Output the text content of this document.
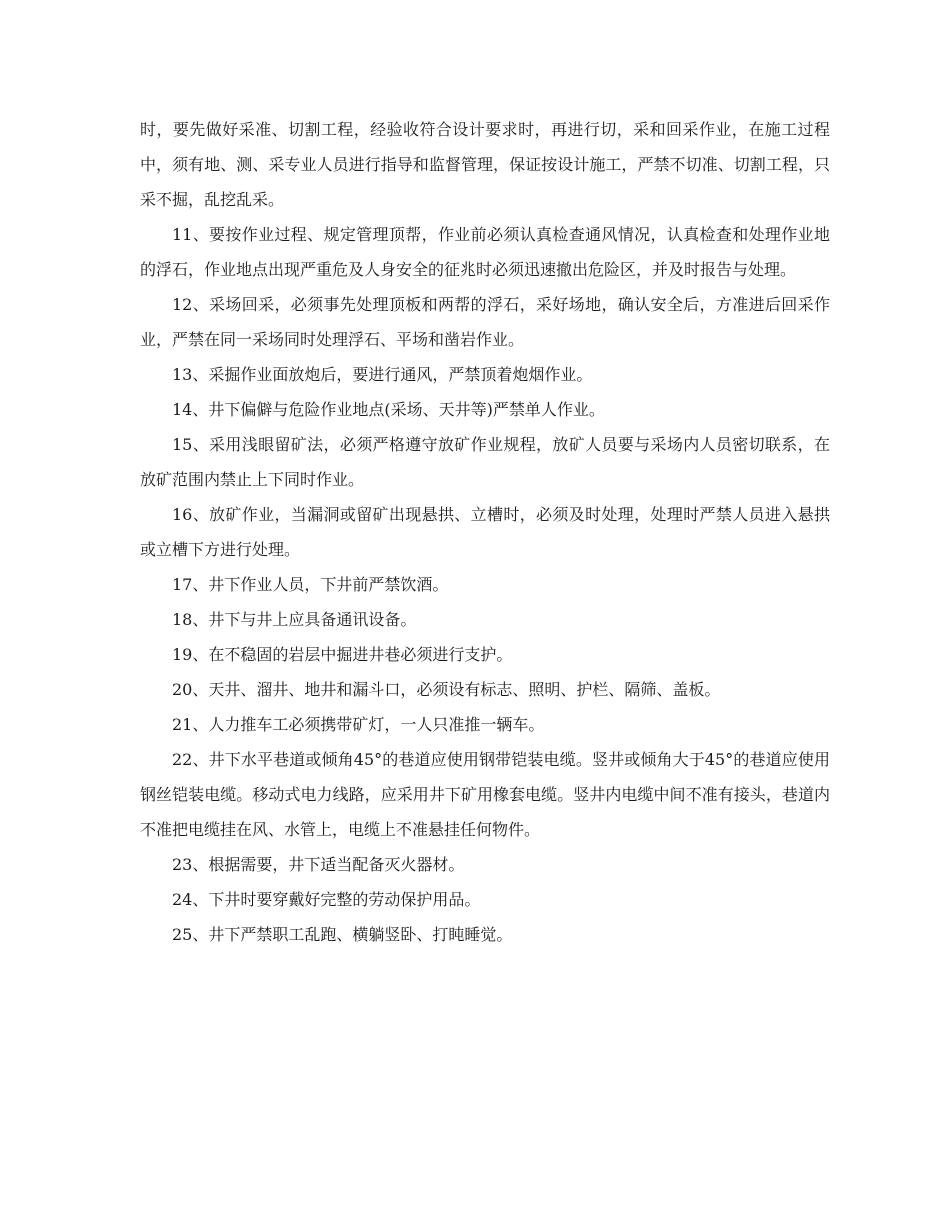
时，要先做好采准、切割工程，经验收符合设计要求时，再进行切，采和回采作业，在施工过程中，须有地、测、采专业人员进行指导和监督管理，保证按设计施工，严禁不切准、切割工程，只采不掘，乱挖乱采。

11、要按作业过程、规定管理顶帮，作业前必须认真检查通风情况，认真检查和处理作业地的浮石，作业地点出现严重危及人身安全的征兆时必须迅速撤出危险区，并及时报告与处理。

12、采场回采，必须事先处理顶板和两帮的浮石，采好场地，确认安全后，方准进后回采作业，严禁在同一采场同时处理浮石、平场和凿岩作业。

13、采掘作业面放炮后，要进行通风，严禁顶着炮烟作业。

14、井下偏僻与危险作业地点(采场、天井等)严禁单人作业。

15、采用浅眼留矿法，必须严格遵守放矿作业规程，放矿人员要与采场内人员密切联系，在放矿范围内禁止上下同时作业。

16、放矿作业，当漏洞或留矿出现悬拱、立槽时，必须及时处理，处理时严禁人员进入悬拱或立槽下方进行处理。

17、井下作业人员，下井前严禁饮酒。

18、井下与井上应具备通讯设备。

19、在不稳固的岩层中掘进井巷必须进行支护。

20、天井、溜井、地井和漏斗口，必须设有标志、照明、护栏、隔筛、盖板。

21、人力推车工必须携带矿灯，一人只准推一辆车。

22、井下水平巷道或倾角45°的巷道应使用钢带铠装电缆。竖井或倾角大于45°的巷道应使用钢丝铠装电缆。移动式电力线路，应采用井下矿用橡套电缆。竖井内电缆中间不准有接头，巷道内不准把电缆挂在风、水管上，电缆上不准悬挂任何物件。

23、根据需要，井下适当配备灭火器材。

24、下井时要穿戴好完整的劳动保护用品。

25、井下严禁职工乱跑、横躺竖卧、打盹睡觉。
